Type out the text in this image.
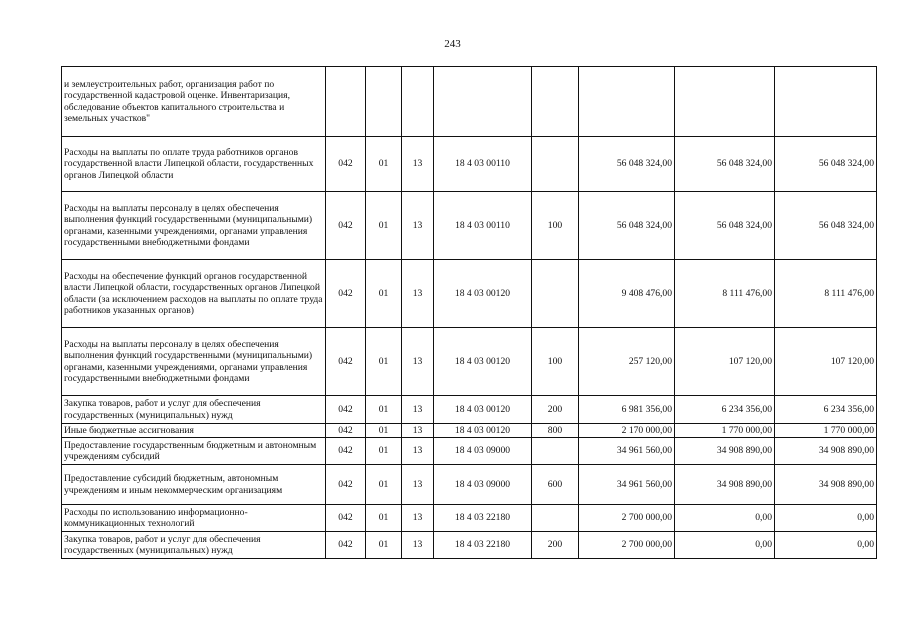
243
и землеустроительных работ, организация работ по государственной кадастровой оценке. Инвентаризация, обследование объектов капитального строительства и земельных участков"								
Расходы на выплаты по оплате труда работников органов государственной власти Липецкой области, государственных органов Липецкой области	042	01	13	18 4 03 00110		56 048 324,00	56 048 324,00	56 048 324,00
Расходы на выплаты персоналу в целях обеспечения выполнения функций государственными (муниципальными) органами, казенными учреждениями, органами управления государственными внебюджетными фондами	042	01	13	18 4 03 00110	100	56 048 324,00	56 048 324,00	56 048 324,00
Расходы на обеспечение функций органов государственной власти Липецкой области, государственных органов Липецкой области (за исключением расходов на выплаты по оплате труда работников указанных органов)	042	01	13	18 4 03 00120		9 408 476,00	8 111 476,00	8 111 476,00
Расходы на выплаты персоналу в целях обеспечения выполнения функций государственными (муниципальными) органами, казенными учреждениями, органами управления государственными внебюджетными фондами	042	01	13	18 4 03 00120	100	257 120,00	107 120,00	107 120,00
Закупка товаров, работ и услуг для обеспечения государственных (муниципальных) нужд	042	01	13	18 4 03 00120	200	6 981 356,00	6 234 356,00	6 234 356,00
Иные бюджетные ассигнования	042	01	13	18 4 03 00120	800	2 170 000,00	1 770 000,00	1 770 000,00
Предоставление государственным бюджетным и автономным учреждениям субсидий	042	01	13	18 4 03 09000		34 961 560,00	34 908 890,00	34 908 890,00
Предоставление субсидий бюджетным, автономным учреждениям и иным некоммерческим организациям	042	01	13	18 4 03 09000	600	34 961 560,00	34 908 890,00	34 908 890,00
Расходы по использованию информационно-коммуникационных технологий	042	01	13	18 4 03 22180		2 700 000,00	0,00	0,00
Закупка товаров, работ и услуг для обеспечения государственных (муниципальных) нужд	042	01	13	18 4 03 22180	200	2 700 000,00	0,00	0,00
